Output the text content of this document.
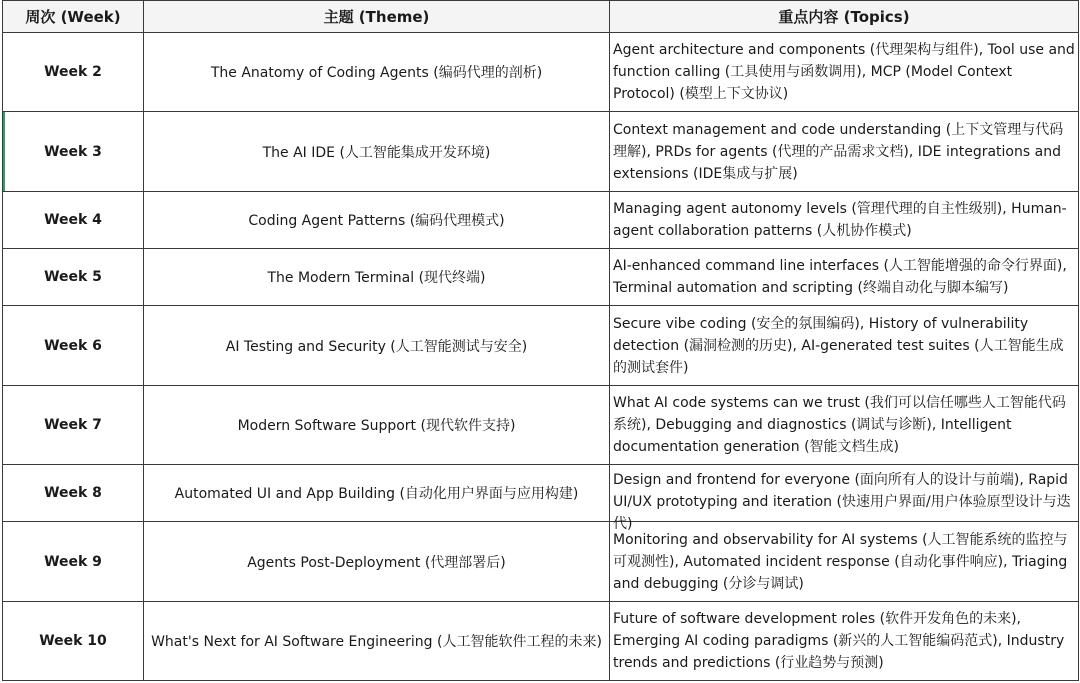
周次 (Week)	主题 (Theme)	重点内容 (Topics)
Week 2	The Anatomy of Coding Agents (编码代理的剖析)	Agent architecture and components (代理架构与组件), Tool use and function calling (工具使用与函数调用), MCP (Model Context Protocol) (模型上下文协议)

Week 3	The AI IDE (人工智能集成开发环境)	Context management and code understanding (上下文管理与代码理解), PRDs for agents (代理的产品需求文档), IDE integrations and extensions (IDE集成与扩展)

Week 4	Coding Agent Patterns (编码代理模式)	Managing agent autonomy levels (管理代理的自主性级别), Human-agent collaboration patterns (人机协作模式)

Week 5	The Modern Terminal (现代终端)	AI-enhanced command line interfaces (人工智能增强的命令行界面), Terminal automation and scripting (终端自动化与脚本编写)

Week 6	AI Testing and Security (人工智能测试与安全)	Secure vibe coding (安全的氛围编码), History of vulnerability detection (漏洞检测的历史), AI-generated test suites (人工智能生成的测试套件)

Week 7	Modern Software Support (现代软件支持)	What AI code systems can we trust (我们可以信任哪些人工智能代码系统), Debugging and diagnostics (调试与诊断), Intelligent documentation generation (智能文档生成)

Week 8	Automated UI and App Building (自动化用户界面与应用构建)	Design and frontend for everyone (面向所有人的设计与前端), Rapid UI/UX prototyping and iteration (快速用户界面/用户体验原型设计与迭代)

Week 9	Agents Post-Deployment (代理部署后)	Monitoring and observability for AI systems (人工智能系统的监控与可观测性), Automated incident response (自动化事件响应), Triaging and debugging (分诊与调试)

Week 10	What's Next for AI Software Engineering (人工智能软件工程的未来)	Future of software development roles (软件开发角色的未来), Emerging AI coding paradigms (新兴的人工智能编码范式), Industry trends and predictions (行业趋势与预测)
